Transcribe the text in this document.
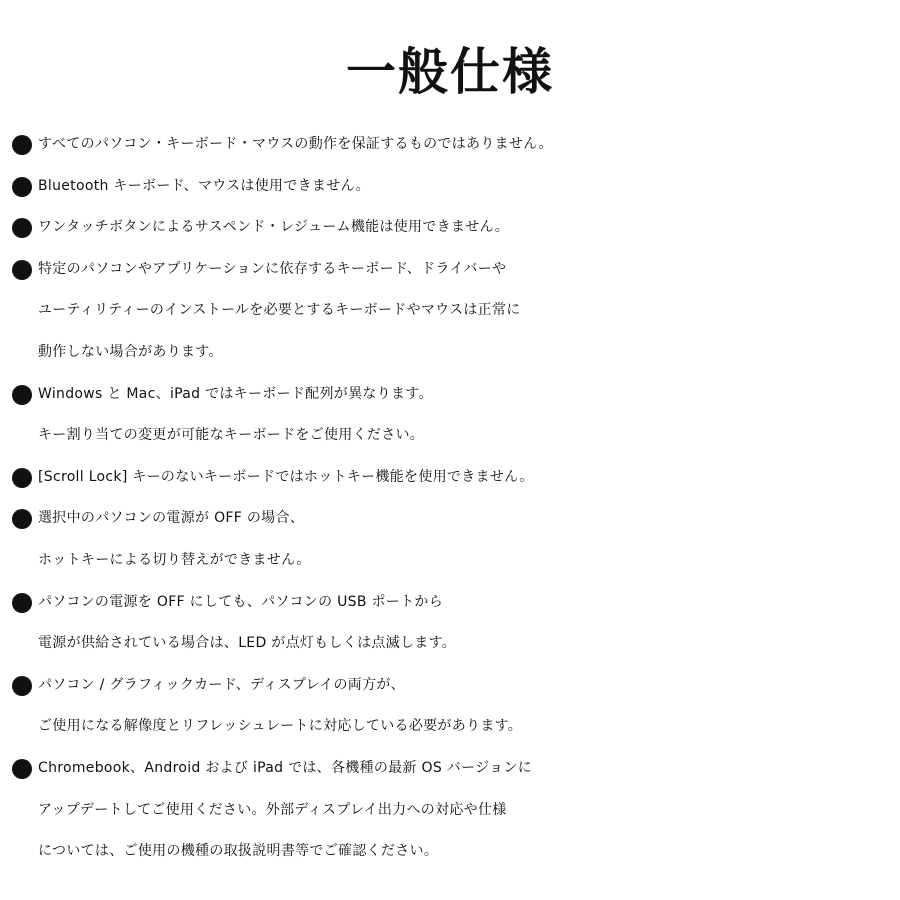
一般仕様
すべてのパソコン・キーボード・マウスの動作を保証するものではありません。
Bluetooth キーボード、マウスは使用できません。
ワンタッチボタンによるサスペンド・レジューム機能は使用できません。
特定のパソコンやアプリケーションに依存するキーボード、ドライバーや
ユーティリティーのインストールを必要とするキーボードやマウスは正常に
動作しない場合があります。
Windows と Mac、iPad ではキーボード配列が異なります。
キー割り当ての変更が可能なキーボードをご使用ください。
[Scroll Lock] キーのないキーボードではホットキー機能を使用できません。
選択中のパソコンの電源が OFF の場合、
ホットキーによる切り替えができません。
パソコンの電源を OFF にしても、パソコンの USB ポートから
電源が供給されている場合は、LED が点灯もしくは点滅します。
パソコン / グラフィックカード、ディスプレイの両方が、
ご使用になる解像度とリフレッシュレートに対応している必要があります。
Chromebook、Android および iPad では、各機種の最新 OS バージョンに
アップデートしてご使用ください。外部ディスプレイ出力への対応や仕様
については、ご使用の機種の取扱説明書等でご確認ください。
